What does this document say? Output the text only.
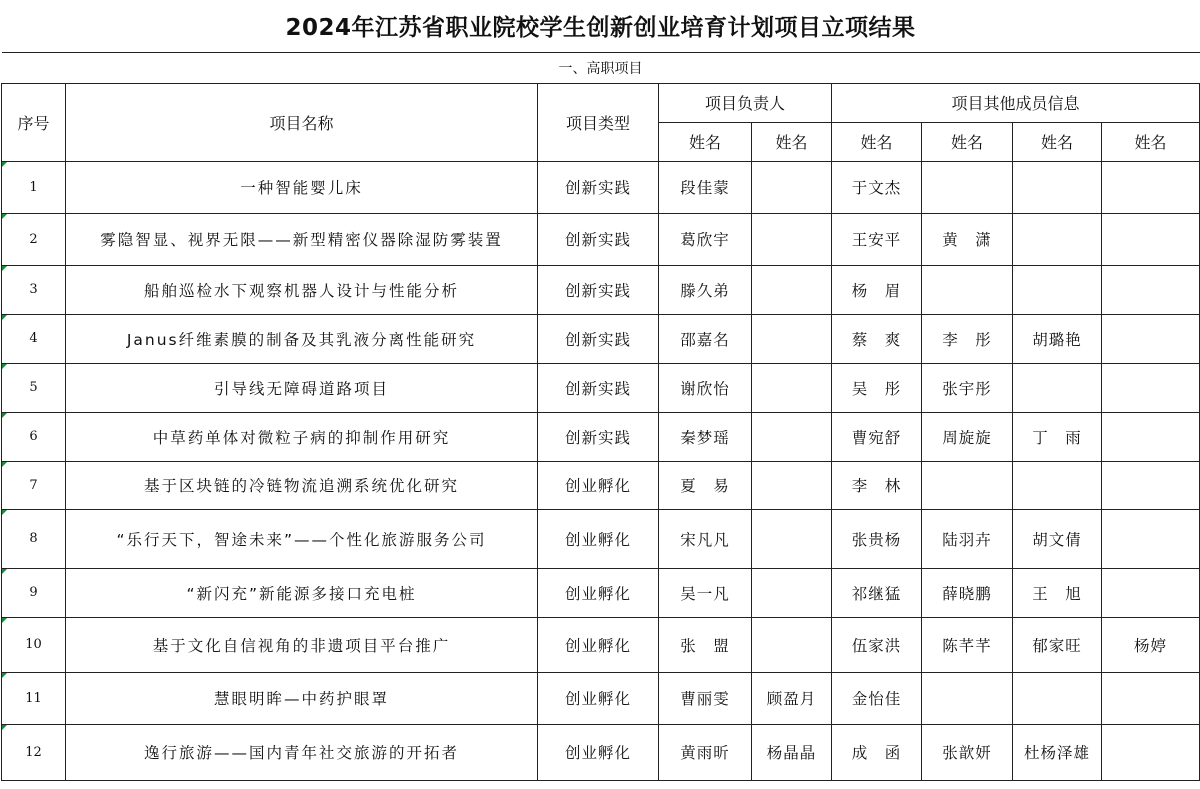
2024年江苏省职业院校学生创新创业培育计划项目立项结果								
一、高职项目								
序号	项目名称	项目类型	项目负责人		项目其他成员信息			
			姓名	姓名	姓名	姓名	姓名	姓名
1	一种智能婴儿床	创新实践	段佳蒙		于文杰			
2	雾隐智显、视界无限——新型精密仪器除湿防雾装置	创新实践	葛欣宇		王安平	黄　潇		
3	船舶巡检水下观察机器人设计与性能分析	创新实践	滕久弟		杨　眉			
4	Janus纤维素膜的制备及其乳液分离性能研究	创新实践	邵嘉名		蔡　爽	李　彤	胡璐艳	
5	引导线无障碍道路项目	创新实践	谢欣怡		吴　彤	张宇彤		
6	中草药单体对微粒子病的抑制作用研究	创新实践	秦梦瑶		曹宛舒	周旋旋	丁　雨	
7	基于区块链的冷链物流追溯系统优化研究	创业孵化	夏　易		李　林			
8	“乐行天下，智途未来”——个性化旅游服务公司	创业孵化	宋凡凡		张贵杨	陆羽卉	胡文倩	
9	“新闪充”新能源多接口充电桩	创业孵化	吴一凡		祁继猛	薛晓鹏	王　旭	
10	基于文化自信视角的非遗项目平台推广	创业孵化	张　盟		伍家洪	陈芊芊	郁家旺	杨婷
11	慧眼明眸—中药护眼罩	创业孵化	曹丽雯	顾盈月	金怡佳			
12	逸行旅游——国内青年社交旅游的开拓者	创业孵化	黄雨昕	杨晶晶	成　函	张歆妍	杜杨泽雄	
